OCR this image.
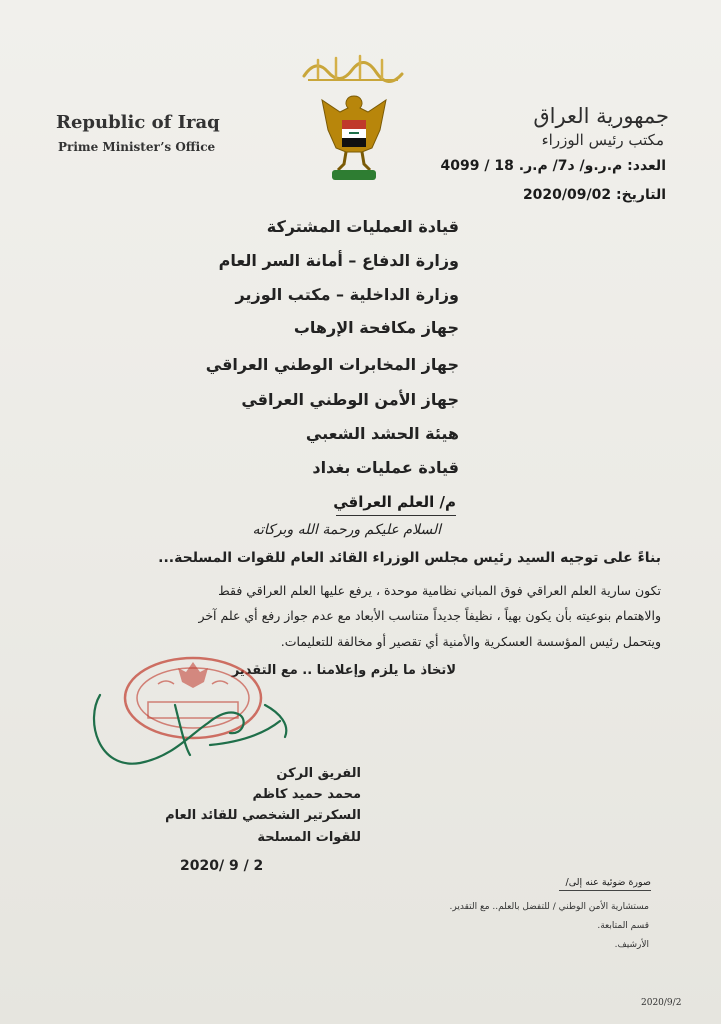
Republic of Iraq
Prime Minister’s Office
جمهورية العراق
مكتب رئيس الوزراء
العدد: م.ر.و/ د7/ م.ر. 18 / 4099
التاريخ: 2020/09/02
قيادة العمليات المشتركة
وزارة الدفاع – أمانة السر العام
وزارة الداخلية – مكتب الوزير
جهاز مكافحة الإرهاب
جهاز المخابرات الوطني العراقي
جهاز الأمن الوطني العراقي
هيئة الحشد الشعبي
قيادة عمليات بغداد
م/ العلم العراقي
السلام عليكم ورحمة الله وبركاته
بناءً على توجيه السيد رئيس مجلس الوزراء القائد العام للقوات المسلحة...
تكون سارية العلم العراقي فوق المباني نظامية موحدة ، يرفع عليها العلم العراقي فقط
والاهتمام بنوعيته بأن يكون بهياً ، نظيفاً جديداً متناسب الأبعاد مع عدم جواز رفع أي علم آخر
ويتحمل رئيس المؤسسة العسكرية والأمنية أي تقصير أو مخالفة للتعليمات.
لاتخاذ ما يلزم وإعلامنا .. مع التقدير
الفريق الركن
محمد حميد كاظم
السكرتير الشخصي للقائد العام
للقوات المسلحة
2020/ 9 / 2
صورة ضوئية عنه إلى/
مستشارية الأمن الوطني / للتفضل بالعلم.. مع التقدير.
قسم المتابعة.
الأرشيف.
2020/9/2
